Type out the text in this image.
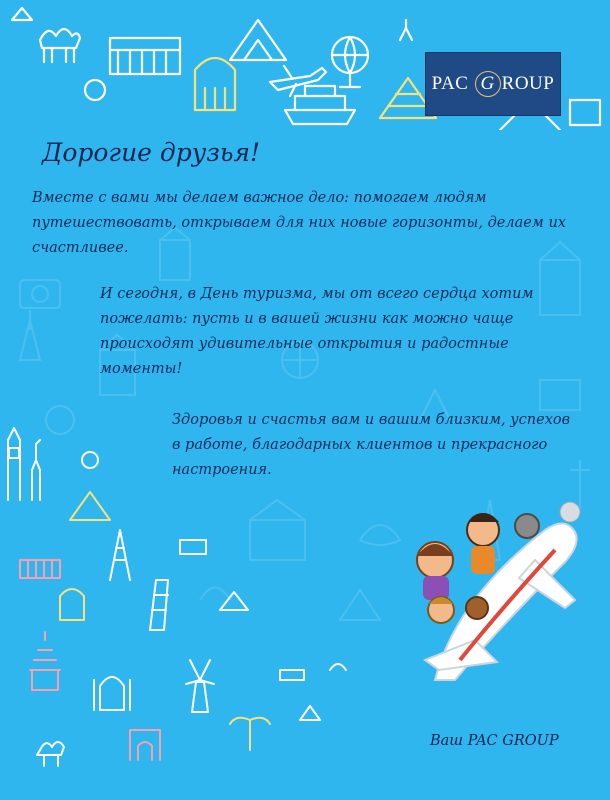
PAC G ROUP
Дорогие друзья!
Вместе с вами мы делаем важное дело: помогаем людям путешествовать, открываем для них новые горизонты, делаем их счастливее.
И сегодня, в День туризма, мы от всего сердца хотим пожелать: пусть и в вашей жизни как можно чаще происходят удивительные открытия и радостные моменты!
Здоровья и счастья вам и вашим близким, успехов в работе, благодарных клиентов и прекрасного настроения.
Ваш PAC GROUP
